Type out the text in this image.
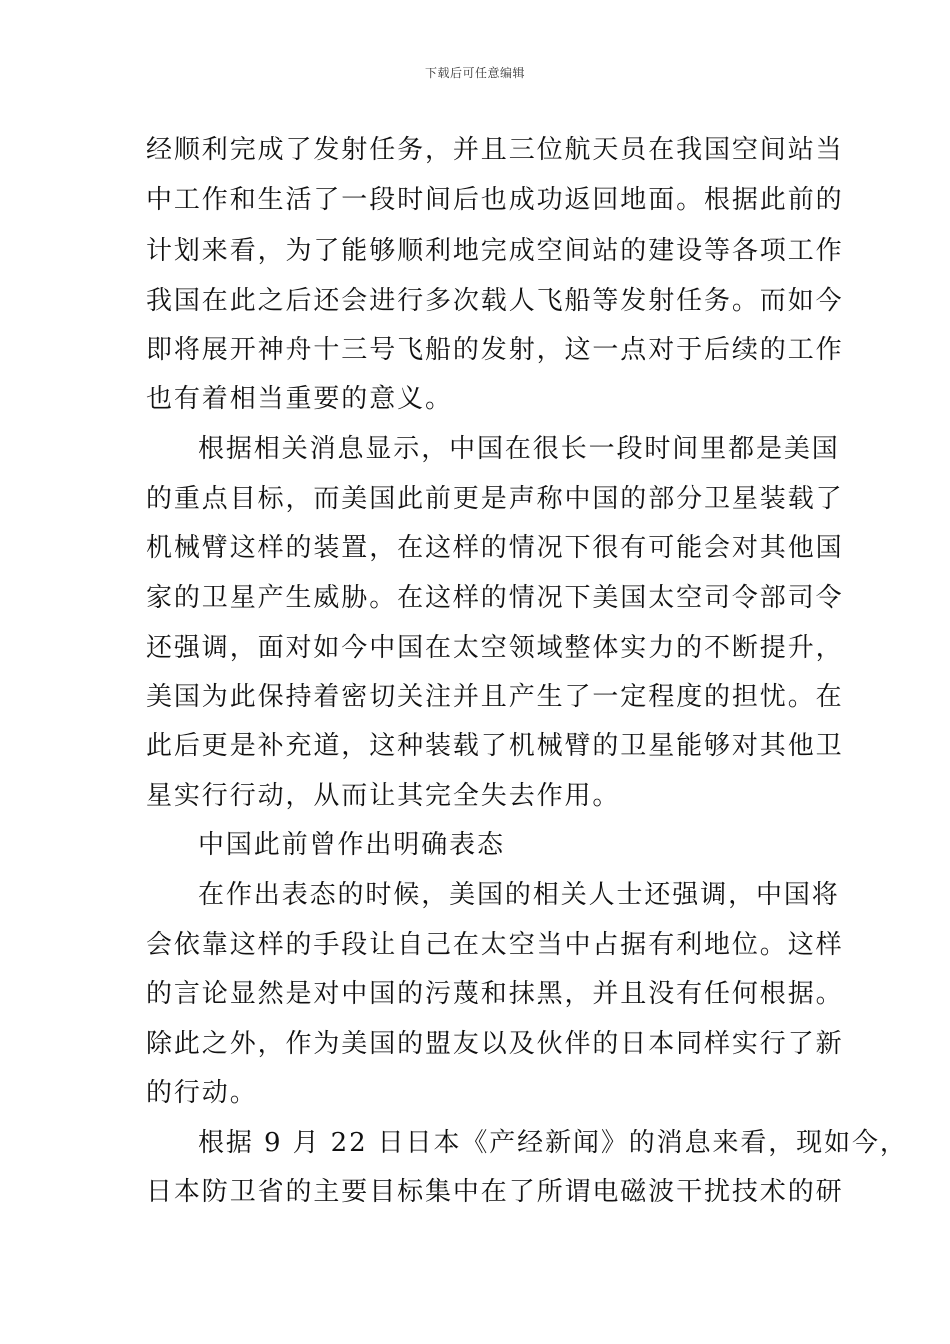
下载后可任意编辑
经顺利完成了发射任务，并且三位航天员在我国空间站当
中工作和生活了一段时间后也成功返回地面。根据此前的
计划来看，为了能够顺利地完成空间站的建设等各项工作
我国在此之后还会进行多次载人飞船等发射任务。而如今
即将展开神舟十三号飞船的发射，这一点对于后续的工作
也有着相当重要的意义。
根据相关消息显示，中国在很长一段时间里都是美国
的重点目标，而美国此前更是声称中国的部分卫星装载了
机械臂这样的装置，在这样的情况下很有可能会对其他国
家的卫星产生威胁。在这样的情况下美国太空司令部司令
还强调，面对如今中国在太空领域整体实力的不断提升，
美国为此保持着密切关注并且产生了一定程度的担忧。在
此后更是补充道，这种装载了机械臂的卫星能够对其他卫
星实行行动，从而让其完全失去作用。
中国此前曾作出明确表态
在作出表态的时候，美国的相关人士还强调，中国将
会依靠这样的手段让自己在太空当中占据有利地位。这样
的言论显然是对中国的污蔑和抹黑，并且没有任何根据。
除此之外，作为美国的盟友以及伙伴的日本同样实行了新
的行动。
根据 9 月 22 日日本《产经新闻》的消息来看，现如今，
日本防卫省的主要目标集中在了所谓电磁波干扰技术的研
